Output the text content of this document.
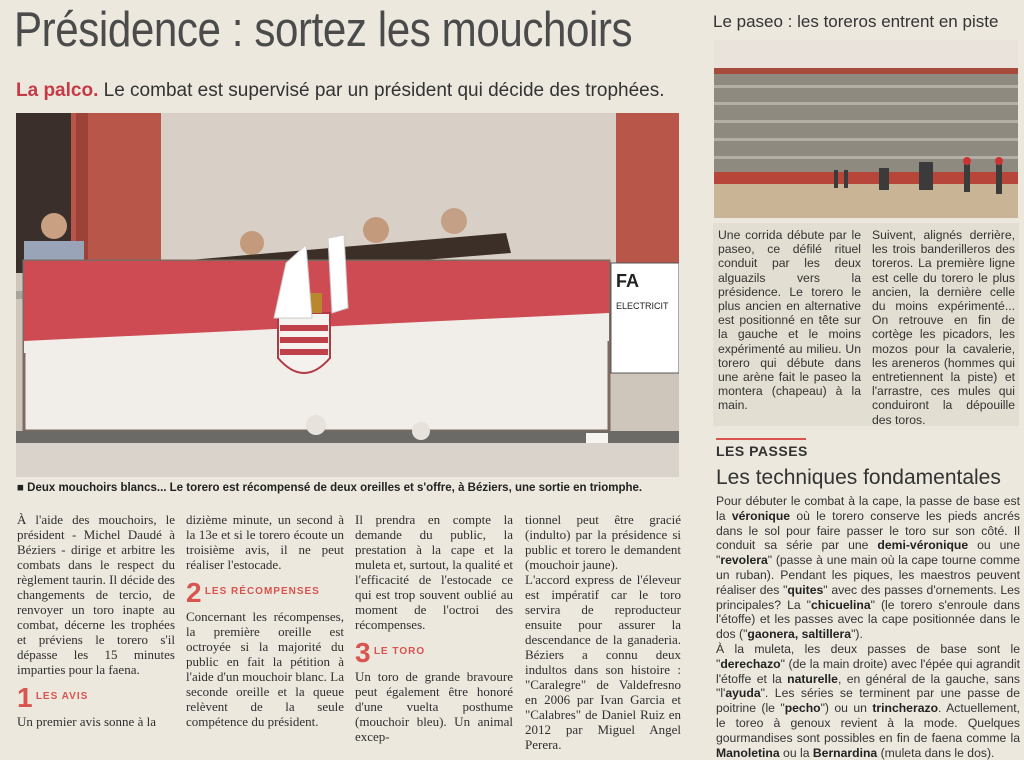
Présidence : sortez les mouchoirs
La palco. Le combat est supervisé par un président qui décide des trophées.
FA
ELECTRICIT
■ Deux mouchoirs blancs... Le torero est récompensé de deux oreilles et s'offre, à Béziers, une sortie en triomphe.

À l'aide des mouchoirs, le président - Michel Daudé à Béziers - dirige et arbitre les combats dans le respect du règlement taurin. Il décide des changements de tercio, de renvoyer un toro inapte au combat, décerne les trophées et préviens le torero s'il dépasse les 15 minutes imparties pour la faena.

1 $^{LES AVIS}$

Un premier avis sonne à la

dizième minute, un second à la 13e et si le torero écoute un troisième avis, il ne peut réaliser l'estocade.

2 $^{LES RÉCOMPENSES}$

Concernant les récompenses, la première oreille est octroyée si la majorité du public en fait la pétition à l'aide d'un mouchoir blanc. La seconde oreille et la queue relèvent de la seule compétence du président.

Il prendra en compte la demande du public, la prestation à la cape et la muleta et, surtout, la qualité et l'efficacité de l'estocade ce qui est trop souvent oublié au moment de l'octroi des récompenses.

3 $^{LE TORO}$

Un toro de grande bravoure peut également être honoré d'une vuelta posthume (mouchoir bleu). Un animal excep-

tionnel peut être gracié (indulto) par la présidence si public et torero le demandent (mouchoir jaune).

L'accord express de l'éleveur est impératif car le toro servira de reproducteur ensuite pour assurer la descendance de la ganaderia. Béziers a connu deux indultos dans son histoire : "Caralegre" de Valdefresno en 2006 par Ivan Garcia et "Calabres" de Daniel Ruiz en 2012 par Miguel Angel Perera.

Le paseo : les toreros entrent en piste

Une corrida débute par le paseo, ce défilé rituel conduit par les deux alguazils vers la présidence. Le torero le plus ancien en alternative est positionné en tête sur la gauche et le moins expérimenté au milieu. Un torero qui débute dans une arène fait le paseo la montera (chapeau) à la main.

Suivent, alignés derrière, les trois banderilleros des toreros. La première ligne est celle du torero le plus ancien, la dernière celle du moins expérimenté... On retrouve en fin de cortège les picadors, les mozos pour la cavalerie, les areneros (hommes qui entretiennent la piste) et l'arrastre, ces mules qui conduiront la dépouille des toros.

LES PASSES
Les techniques fondamentales

Pour débuter le combat à la cape, la passe de base est la véronique où le torero conserve les pieds ancrés dans le sol pour faire passer le toro sur son côté. Il conduit sa série par une demi-véronique ou une "revolera" (passe à une main où la cape tourne comme un ruban). Pendant les piques, les maestros peuvent réaliser des "quites" avec des passes d'ornements. Les principales? La "chicuelina" (le torero s'enroule dans l'étoffe) et les passes avec la cape positionnée dans le dos ("gaonera, saltillera").

À la muleta, les deux passes de base sont le "derechazo" (de la main droite) avec l'épée qui agrandit l'étoffe et la naturelle, en général de la gauche, sans "l'ayuda". Les séries se terminent par une passe de poitrine (le "pecho") ou un trincherazo. Actuellement, le toreo à genoux revient à la mode. Quelques gourmandises sont possibles en fin de faena comme la Manoletina ou la Bernardina (muleta dans le dos).
